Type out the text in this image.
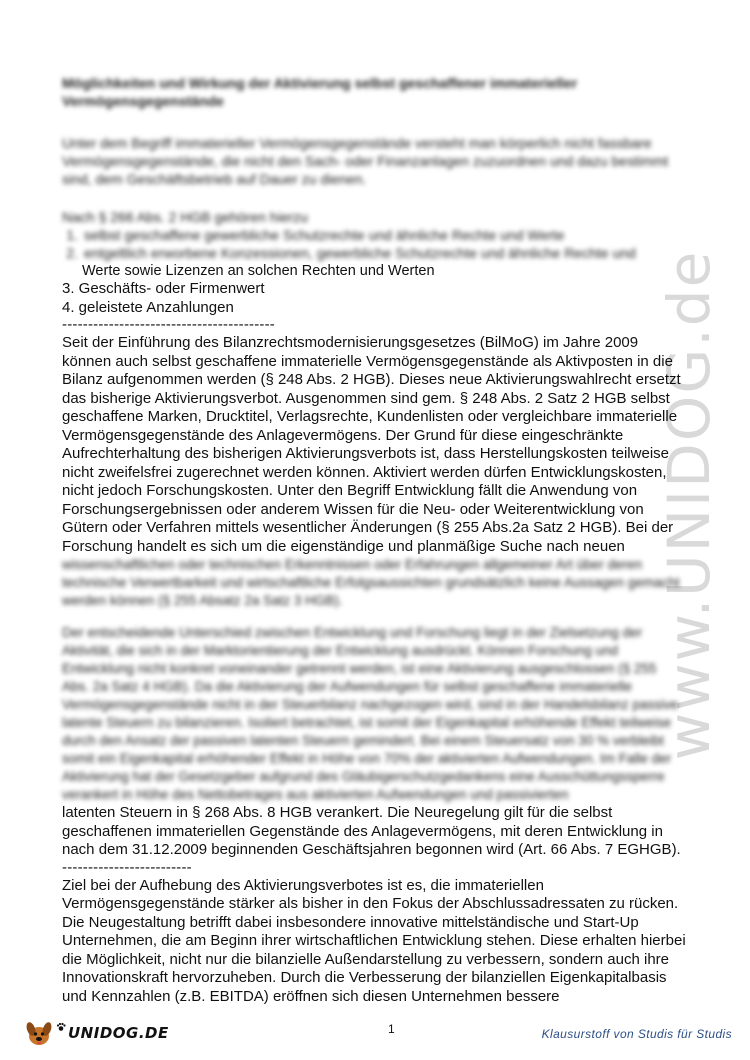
www.UNIDOG.de

Möglichkeiten und Wirkung der Aktivierung selbst geschaffener immaterieller Vermögensgegenstände

Unter dem Begriff immaterieller Vermögensgegenstände versteht man körperlich nicht fassbare Vermögensgegenstände, die nicht den Sach- oder Finanzanlagen zuzuordnen und dazu bestimmt sind, dem Geschäftsbetrieb auf Dauer zu dienen.

Nach § 266 Abs. 2 HGB gehören hierzu

1. selbst geschaffene gewerbliche Schutzrechte und ähnliche Rechte und Werte
2. entgeltlich erworbene Konzessionen, gewerbliche Schutzrechte und ähnliche Rechte und

Werte sowie Lizenzen an solchen Rechten und Werten

3. Geschäfts- oder Firmenwert
4. geleistete Anzahlungen
-----------------------------------------

Seit der Einführung des Bilanzrechtsmodernisierungsgesetzes (BilMoG) im Jahre 2009 können auch selbst geschaffene immaterielle Vermögensgegenstände als Aktivposten in die Bilanz aufgenommen werden (§ 248 Abs. 2 HGB). Dieses neue Aktivierungswahlrecht ersetzt das bisherige Aktivierungsverbot. Ausgenommen sind gem. § 248 Abs. 2 Satz 2 HGB selbst geschaffene Marken, Drucktitel, Verlagsrechte, Kundenlisten oder vergleichbare immaterielle Vermögensgegenstände des Anlagevermögens. Der Grund für diese eingeschränkte Aufrechterhaltung des bisherigen Aktivierungsverbots ist, dass Herstellungskosten teilweise nicht zweifelsfrei zugerechnet werden können. Aktiviert werden dürfen Entwicklungskosten, nicht jedoch Forschungskosten. Unter den Begriff Entwicklung fällt die Anwendung von Forschungsergebnissen oder anderem Wissen für die Neu- oder Weiterentwicklung von Gütern oder Verfahren mittels wesentlicher Änderungen (§ 255 Abs.2a Satz 2 HGB). Bei der Forschung handelt es sich um die eigenständige und planmäßige Suche nach neuen

wissenschaftlichen oder technischen Erkenntnissen oder Erfahrungen allgemeiner Art über deren technische Verwertbarkeit und wirtschaftliche Erfolgsaussichten grundsätzlich keine Aussagen gemacht werden können (§ 255 Absatz 2a Satz 3 HGB).

Der entscheidende Unterschied zwischen Entwicklung und Forschung liegt in der Zielsetzung der Aktivität, die sich in der Marktorientierung der Entwicklung ausdrückt. Können Forschung und Entwicklung nicht konkret voneinander getrennt werden, ist eine Aktivierung ausgeschlossen (§ 255 Abs. 2a Satz 4 HGB). Da die Aktivierung der Aufwendungen für selbst geschaffene immaterielle Vermögensgegenstände nicht in der Steuerbilanz nachgezogen wird, sind in der Handelsbilanz passive latente Steuern zu bilanzieren. Isoliert betrachtet, ist somit der Eigenkapital erhöhende Effekt teilweise durch den Ansatz der passiven latenten Steuern gemindert. Bei einem Steuersatz von 30 % verbleibt somit ein Eigenkapital erhöhender Effekt in Höhe von 70% der aktivierten Aufwendungen. Im Falle der Aktivierung hat der Gesetzgeber aufgrund des Gläubigerschutzgedankens eine Ausschüttungssperre verankert in Höhe des Nettobetrages aus aktivierten Aufwendungen und passivierten

latenten Steuern in § 268 Abs. 8 HGB verankert. Die Neuregelung gilt für die selbst geschaffenen immateriellen Gegenstände des Anlagevermögens, mit deren Entwicklung in nach dem 31.12.2009 beginnenden Geschäftsjahren begonnen wird (Art. 66 Abs. 7 EGHGB).

-------------------------

Ziel bei der Aufhebung des Aktivierungsverbotes ist es, die immateriellen Vermögensgegenstände stärker als bisher in den Fokus der Abschlussadressaten zu rücken. Die Neugestaltung betrifft dabei insbesondere innovative mittelständische und Start-Up Unternehmen, die am Beginn ihrer wirtschaftlichen Entwicklung stehen. Diese erhalten hierbei die Möglichkeit, nicht nur die bilanzielle Außendarstellung zu verbessern, sondern auch ihre Innovationskraft hervorzuheben. Durch die Verbesserung der bilanziellen Eigenkapitalbasis und Kennzahlen (z.B. EBITDA) eröffnen sich diesen Unternehmen bessere

UNIDOG.DE	1	Klausurstoff von Studis für Studis
